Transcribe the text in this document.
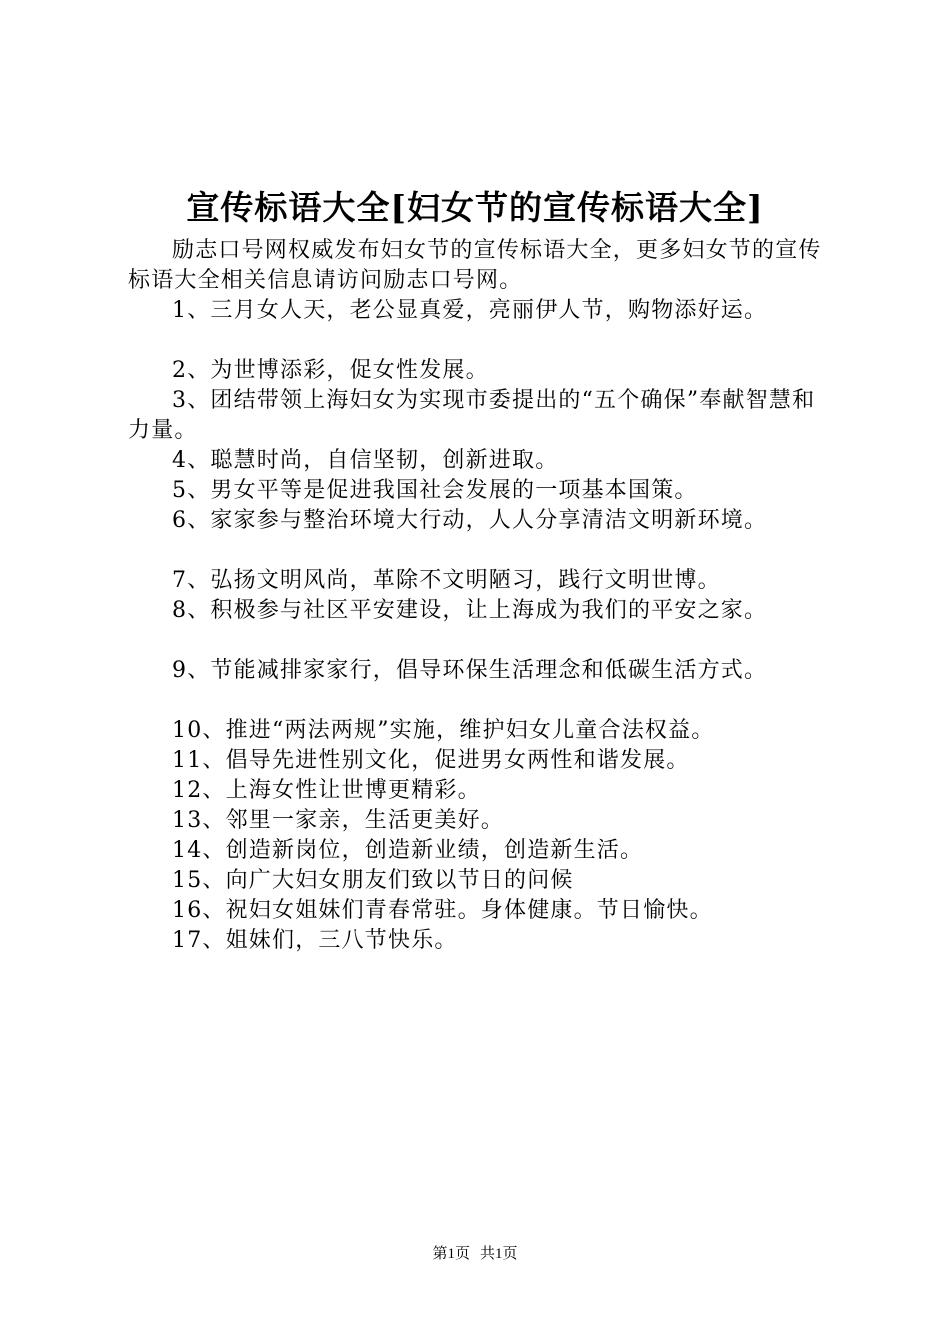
宣传标语大全[妇女节的宣传标语大全]

励志口号网权威发布妇女节的宣传标语大全，更多妇女节的宣传标语大全相关信息请访问励志口号网。

1、三月女人天，老公显真爱，亮丽伊人节，购物添好运。

2、为世博添彩，促女性发展。

3、团结带领上海妇女为实现市委提出的“五个确保”奉献智慧和力量。

4、聪慧时尚，自信坚韧，创新进取。

5、男女平等是促进我国社会发展的一项基本国策。

6、家家参与整治环境大行动，人人分享清洁文明新环境。

7、弘扬文明风尚，革除不文明陋习，践行文明世博。

8、积极参与社区平安建设，让上海成为我们的平安之家。

9、节能减排家家行，倡导环保生活理念和低碳生活方式。

10、推进“两法两规”实施，维护妇女儿童合法权益。

11、倡导先进性别文化，促进男女两性和谐发展。

12、上海女性让世博更精彩。

13、邻里一家亲，生活更美好。

14、创造新岗位，创造新业绩，创造新生活。

15、向广大妇女朋友们致以节日的问候

16、祝妇女姐妹们青春常驻。身体健康。节日愉快。

17、姐妹们，三八节快乐。

第1页 共1页
